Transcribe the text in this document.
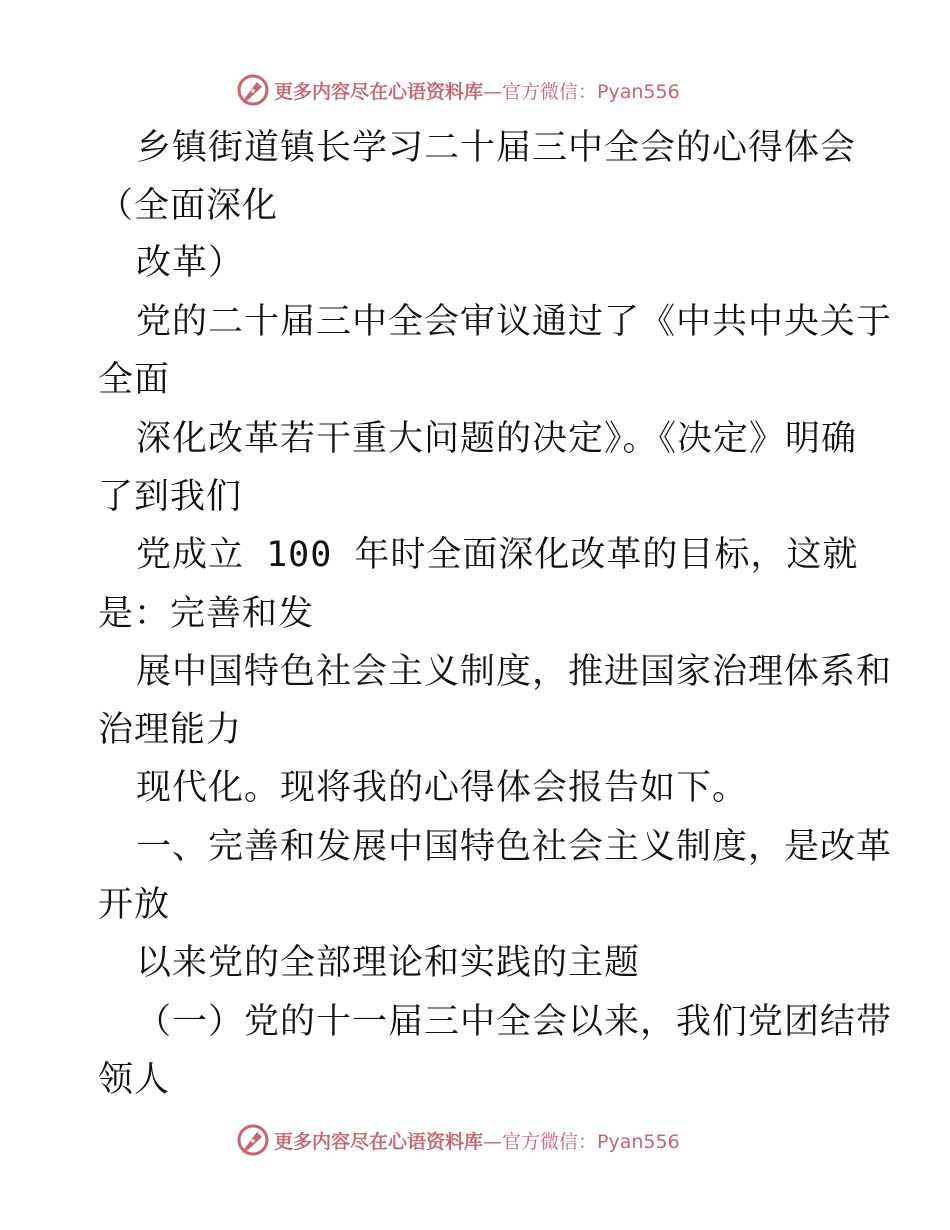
更多内容尽在心语资料库 —官方微信：Pyan556
乡镇街道镇长学习二十届三中全会的心得体会
（全面深化
改革）
党的二十届三中全会审议通过了《中共中央关于
全面
深化改革若干重大问题的决定》。《决定》明确
了到我们
党成立 100 年时全面深化改革的目标，这就
是：完善和发
展中国特色社会主义制度，推进国家治理体系和
治理能力
现代化。现将我的心得体会报告如下。
一、完善和发展中国特色社会主义制度，是改革
开放
以来党的全部理论和实践的主题
（一）党的十一届三中全会以来，我们党团结带
领人
更多内容尽在心语资料库 —官方微信：Pyan556
